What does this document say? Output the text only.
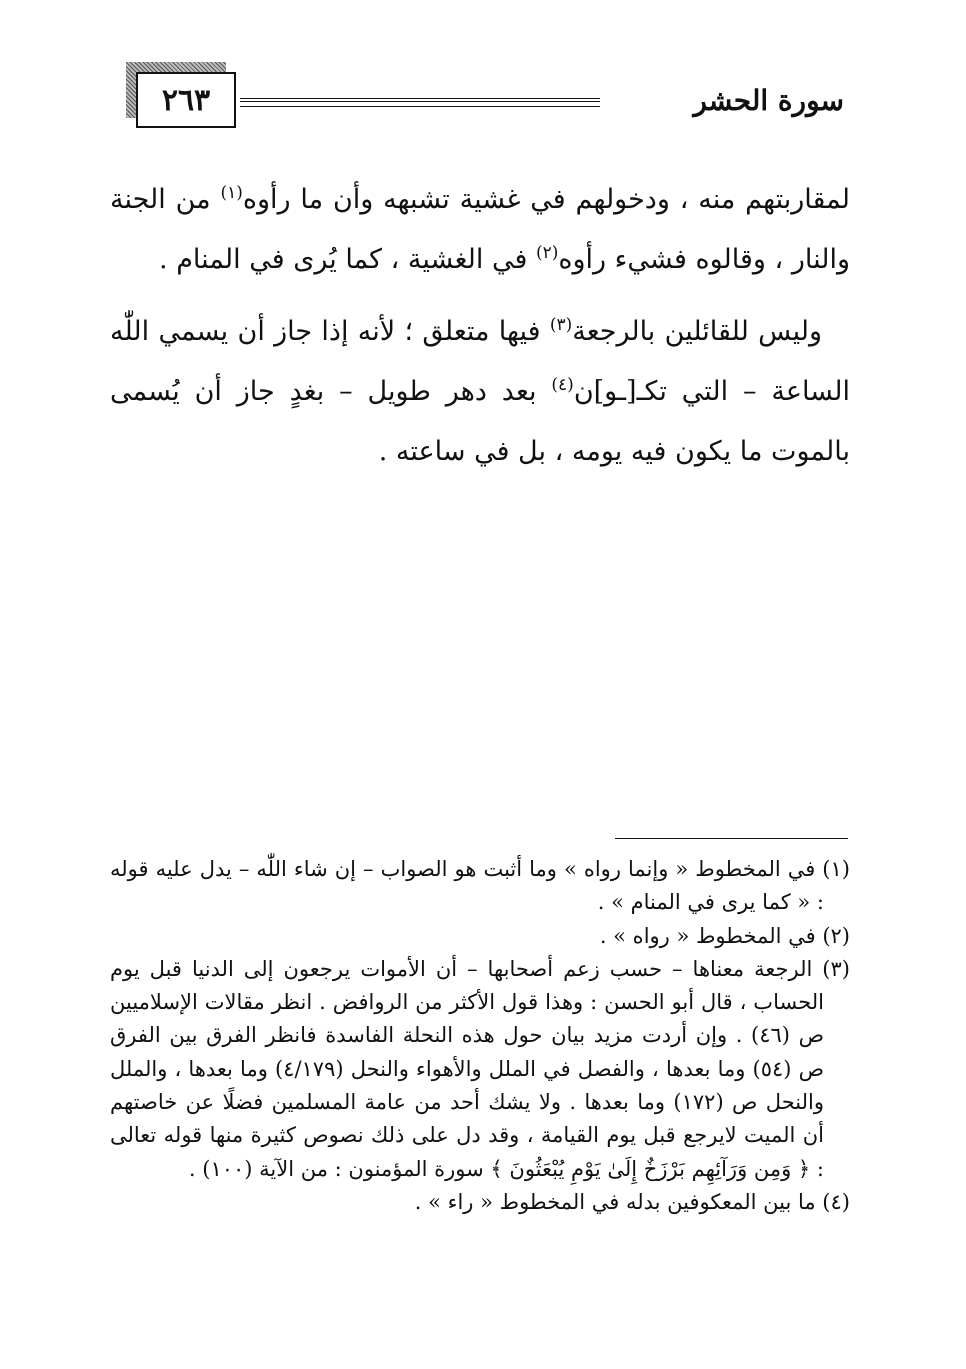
٢٦٣	سورة الحشر

لمقاربتهم منه ، ودخولهم في غشية تشبهه وأن ما رأوه$^{(١)}$ من الجنة والنار ، وقالوه فشيء رأوه$^{(٢)}$ في الغشية ، كما يُرى في المنام .

وليس للقائلين بالرجعة$^{(٣)}$ فيها متعلق ؛ لأنه إذا جاز أن يسمي اللّٰه الساعة – التي تكـ[ـو]ن$^{(٤)}$ بعد دهر طويل – بغدٍ جاز أن يُسمى بالموت ما يكون فيه يومه ، بل في ساعته .

(١) في المخطوط « وإنما رواه » وما أثبت هو الصواب – إن شاء اللّٰه – يدل عليه قوله : « كما يرى في المنام » .

(٢) في المخطوط « رواه » .

(٣) الرجعة معناها – حسب زعم أصحابها – أن الأموات يرجعون إلى الدنيا قبل يوم الحساب ، قال أبو الحسن : وهذا قول الأكثر من الروافض . انظر مقالات الإسلاميين ص (٤٦) . وإن أردت مزيد بيان حول هذه النحلة الفاسدة فانظر الفرق بين الفرق ص (٥٤) وما بعدها ، والفصل في الملل والأهواء والنحل (٤/١٧٩) وما بعدها ، والملل والنحل ص (١٧٢) وما بعدها . ولا يشك أحد من عامة المسلمين فضلًا عن خاصتهم أن الميت لايرجع قبل يوم القيامة ، وقد دل على ذلك نصوص كثيرة منها قوله تعالى : ﴿ وَمِن وَرَآئِهِم بَرْزَخٌ إِلَىٰ يَوْمِ يُبْعَثُونَ ﴾ سورة المؤمنون : من الآية (١٠٠) .

(٤) ما بين المعكوفين بدله في المخطوط « راء » .
